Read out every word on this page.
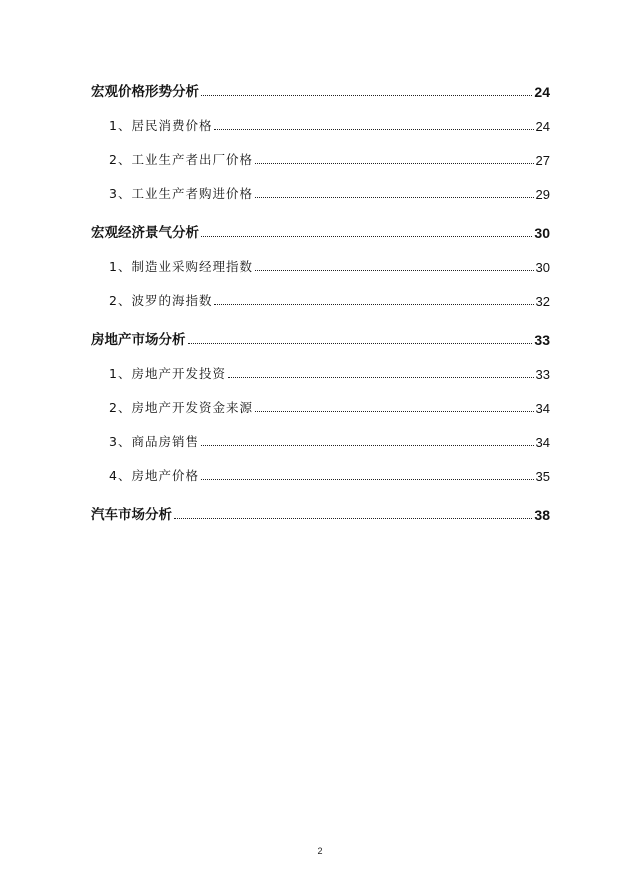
宏观价格形势分析	24
1、居民消费价格	24
2、工业生产者出厂价格	27
3、工业生产者购进价格	29
宏观经济景气分析	30
1、制造业采购经理指数	30
2、波罗的海指数	32
房地产市场分析	33
1、房地产开发投资	33
2、房地产开发资金来源	34
3、商品房销售	34
4、房地产价格	35
汽车市场分析	38
2
